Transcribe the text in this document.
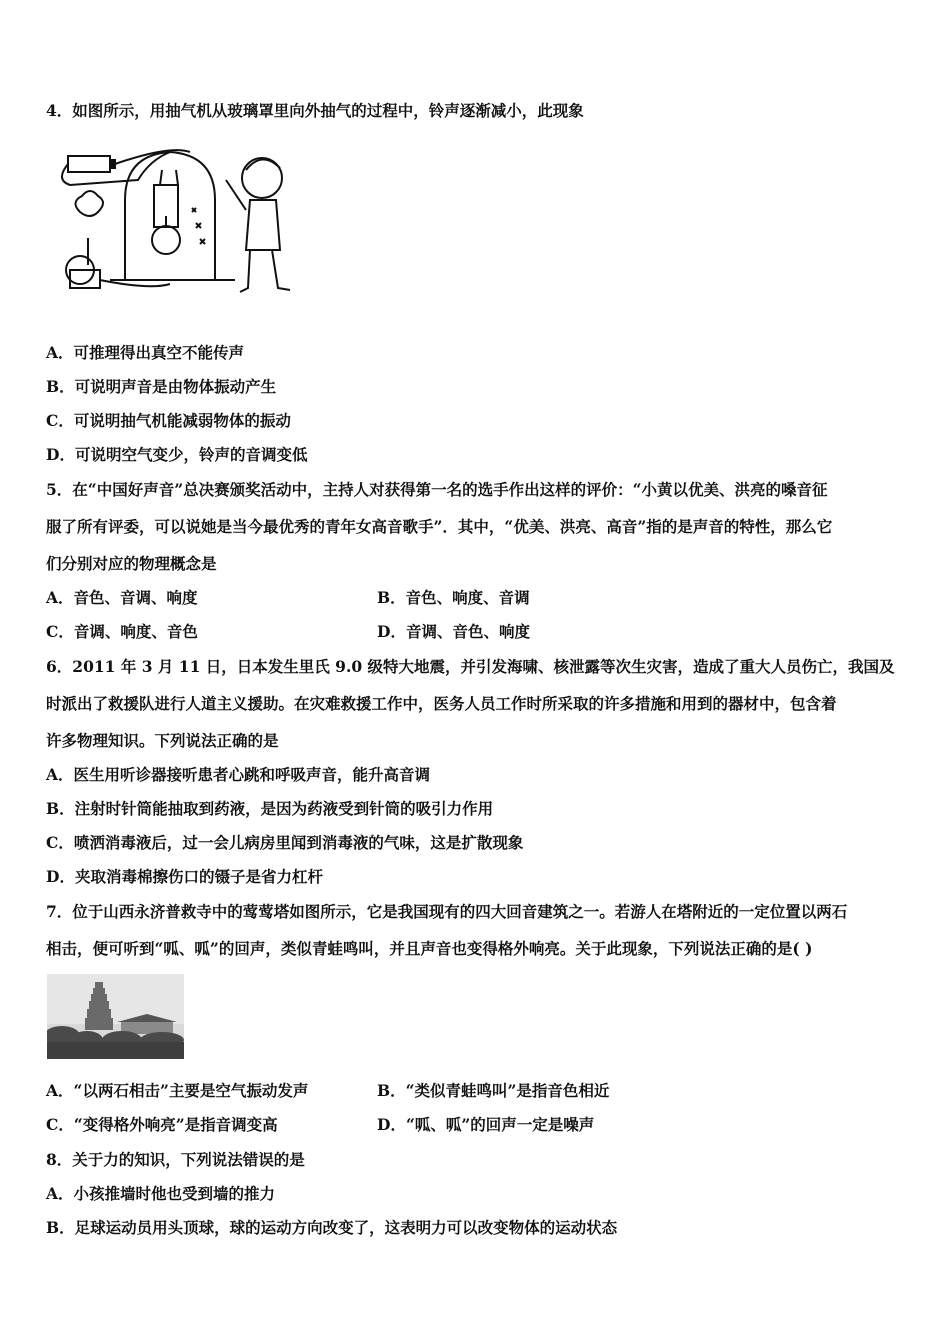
4．如图所示，用抽气机从玻璃罩里向外抽气的过程中，铃声逐渐减小，此现象
A．可推理得出真空不能传声
B．可说明声音是由物体振动产生
C．可说明抽气机能减弱物体的振动
D．可说明空气变少，铃声的音调变低
5．在“中国好声音”总决赛颁奖活动中，主持人对获得第一名的选手作出这样的评价：“小黄以优美、洪亮的嗓音征
服了所有评委，可以说她是当今最优秀的青年女高音歌手”．其中，“优美、洪亮、高音”指的是声音的特性，那么它
们分别对应的物理概念是
A．音色、音调、响度	B．音色、响度、音调
C．音调、响度、音色	D．音调、音色、响度
6．2011 年 3 月 11 日，日本发生里氏 9.0 级特大地震，并引发海啸、核泄露等次生灾害，造成了重大人员伤亡，我国及
时派出了救援队进行人道主义援助。在灾难救援工作中，医务人员工作时所采取的许多措施和用到的器材中，包含着
许多物理知识。下列说法正确的是
A．医生用听诊器接听患者心跳和呼吸声音，能升高音调
B．注射时针筒能抽取到药液，是因为药液受到针筒的吸引力作用
C．喷洒消毒液后，过一会儿病房里闻到消毒液的气味，这是扩散现象
D．夹取消毒棉擦伤口的镊子是省力杠杆
7．位于山西永济普救寺中的莺莺塔如图所示，它是我国现有的四大回音建筑之一。若游人在塔附近的一定位置以两石
相击，便可听到“呱、呱”的回声，类似青蛙鸣叫，并且声音也变得格外响亮。关于此现象，下列说法正确的是( )
A．“以两石相击”主要是空气振动发声	B．“类似青蛙鸣叫”是指音色相近
C．“变得格外响亮”是指音调变高	D．“呱、呱”的回声一定是噪声
8．关于力的知识，下列说法错误的是
A．小孩推墙时他也受到墙的推力
B．足球运动员用头顶球，球的运动方向改变了，这表明力可以改变物体的运动状态
